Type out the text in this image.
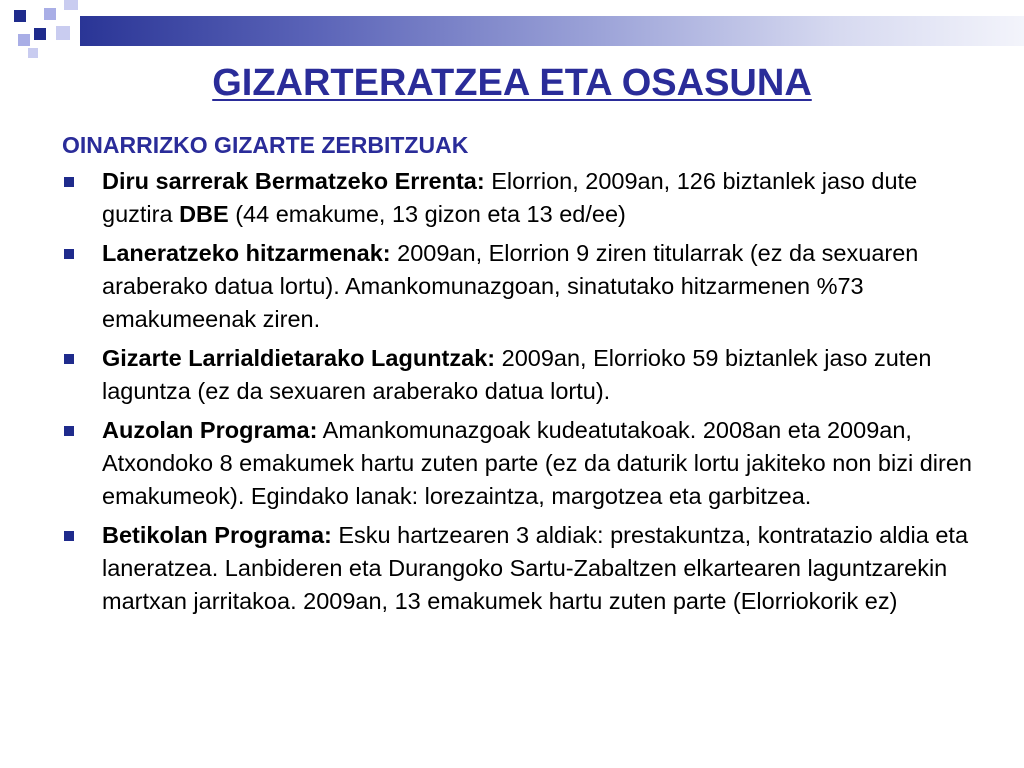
GIZARTERATZEA ETA OSASUNA

OINARRIZKO GIZARTE ZERBITZUAK

Diru sarrerak Bermatzeko Errenta: Elorrion, 2009an, 126 biztanlek jaso dute guztira DBE (44 emakume, 13 gizon eta 13 ed/ee)
Laneratzeko hitzarmenak: 2009an, Elorrion 9 ziren titularrak (ez da sexuaren araberako datua lortu). Amankomunazgoan, sinatutako hitzarmenen %73 emakumeenak ziren.
Gizarte Larrialdietarako Laguntzak: 2009an, Elorrioko 59 biztanlek jaso zuten laguntza (ez da sexuaren araberako datua lortu).
Auzolan Programa: Amankomunazgoak kudeatutakoak. 2008an eta 2009an, Atxondoko 8 emakumek hartu zuten parte (ez da daturik lortu jakiteko non bizi diren emakumeok). Egindako lanak: lorezaintza, margotzea eta garbitzea.
Betikolan Programa: Esku hartzearen 3 aldiak: prestakuntza, kontratazio aldia eta laneratzea. Lanbideren eta Durangoko Sartu-Zabaltzen elkartearen laguntzarekin martxan jarritakoa. 2009an, 13 emakumek hartu zuten parte (Elorriokorik ez)
